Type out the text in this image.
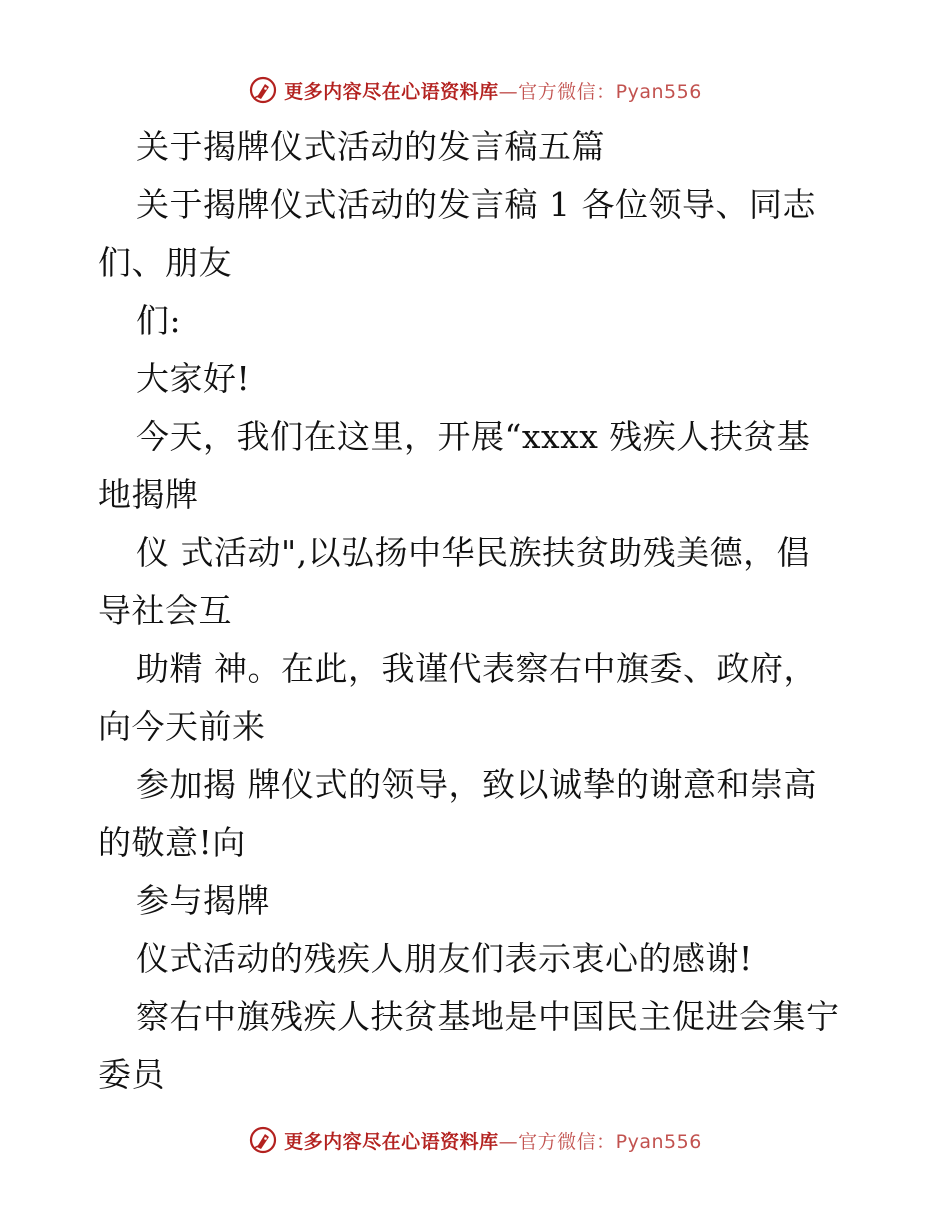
更多内容尽在心语资料库 —官方微信：Pyan556
关于揭牌仪式活动的发言稿五篇
关于揭牌仪式活动的发言稿 1 各位领导、同志
们、朋友
们:
大家好!
今天，我们在这里，开展“xxxx 残疾人扶贫基
地揭牌
仪 式活动",以弘扬中华民族扶贫助残美德，倡
导社会互
助精 神。在此，我谨代表察右中旗委、政府，
向今天前来
参加揭 牌仪式的领导，致以诚挚的谢意和崇高
的敬意!向
参与揭牌
仪式活动的残疾人朋友们表示衷心的感谢!
察右中旗残疾人扶贫基地是中国民主促进会集宁
委员
更多内容尽在心语资料库 —官方微信：Pyan556
